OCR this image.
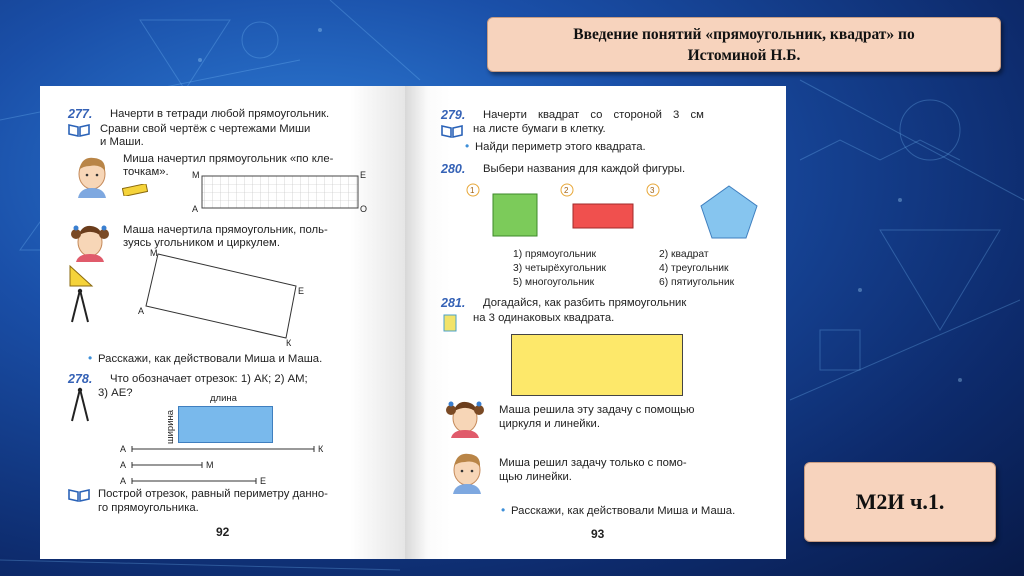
Введение понятий «прямоугольник, квадрат» по
Истоминой Н.Б.
М2И ч.1.
277. Начерти в тетради любой прямоугольник.
Сравни свой чертёж с чертежами Миши
и Маши.
Миша начертил прямоугольник «по кле-
точкам».	М	Е
А	О
Маша начертила прямоугольник, поль-
зуясь угольником и циркулем.
М
Е
А
К
• Расскажи, как действовали Миша и Маша.
278. Что обозначает отрезок: 1) АК; 2) АМ;
3) АЕ?	длина
ширина
А	К
А	М
А	Е
Построй отрезок, равный периметру данно-
го прямоугольника.
92
279. Начерти квадрат со стороной 3 см
на листе бумаги в клетку.
• Найди периметр этого квадрата.
280. Выбери названия для каждой фигуры.
1	2	3
1) прямоугольник	2) квадрат
3) четырёхугольник	4) треугольник
5) многоугольник	6) пятиугольник
281. Догадайся, как разбить прямоугольник
на 3 одинаковых квадрата.
Маша решила эту задачу с помощью
циркуля и линейки.
Миша решил задачу только с помо-
щью линейки.
• Расскажи, как действовали Миша и Маша.
93
